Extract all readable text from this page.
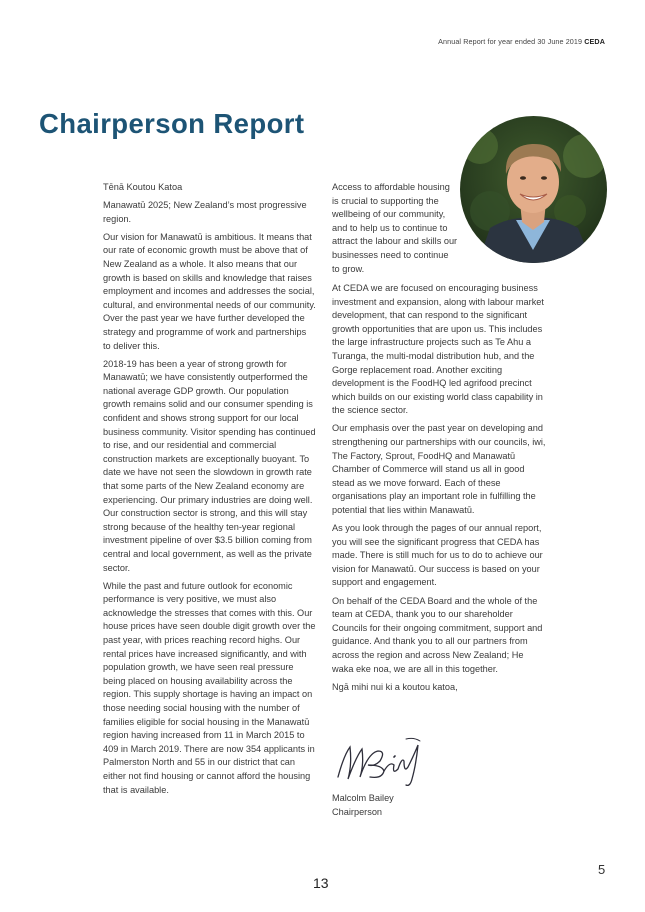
Annual Report for year ended 30 June 2019 CEDA
Chairperson Report

Tēnā Koutou Katoa

Manawatū 2025; New Zealand’s most progressive region.

Our vision for Manawatū is ambitious. It means that our rate of economic growth must be above that of New Zealand as a whole. It also means that our growth is based on skills and knowledge that raises employment and incomes and addresses the social, cultural, and environmental needs of our community. Over the past year we have further developed the strategy and programme of work and partnerships to deliver this.

2018-19 has been a year of strong growth for Manawatū; we have consistently outperformed the national average GDP growth. Our population growth remains solid and our consumer spending is confident and shows strong support for our local business community. Visitor spending has continued to rise, and our residential and commercial construction markets are exceptionally buoyant. To date we have not seen the slowdown in growth rate that some parts of the New Zealand economy are experiencing. Our primary industries are doing well. Our construction sector is strong, and this will stay strong because of the healthy ten-year regional investment pipeline of over $3.5 billion coming from central and local government, as well as the private sector.

While the past and future outlook for economic performance is very positive, we must also acknowledge the stresses that comes with this. Our house prices have seen double digit growth over the past year, with prices reaching record highs. Our rental prices have increased significantly, and with population growth, we have seen real pressure being placed on housing availability across the region. This supply shortage is having an impact on those needing social housing with the number of families eligible for social housing in the Manawatū region having increased from 11 in March 2015 to 409 in March 2019. There are now 354 applicants in Palmerston North and 55 in our district that can either not find housing or cannot afford the housing that is available.

Access to affordable housing is crucial to supporting the wellbeing of our community, and to help us to continue to attract the labour and skills our businesses need to continue to grow.

At CEDA we are focused on encouraging business investment and expansion, along with labour market development, that can respond to the significant growth opportunities that are upon us. This includes the large infrastructure projects such as Te Ahu a Turanga, the multi-modal distribution hub, and the Gorge replacement road. Another exciting development is the FoodHQ led agrifood precinct which builds on our existing world class capability in the science sector.

Our emphasis over the past year on developing and strengthening our partnerships with our councils, iwi, The Factory, Sprout, FoodHQ and Manawatū Chamber of Commerce will stand us all in good stead as we move forward. Each of these organisations play an important role in fulfilling the potential that lies within Manawatū.

As you look through the pages of our annual report, you will see the significant progress that CEDA has made. There is still much for us to do to achieve our vision for Manawatū. Our success is based on your support and engagement.

On behalf of the CEDA Board and the whole of the team at CEDA, thank you to our shareholder Councils for their ongoing commitment, support and guidance. And thank you to all our partners from across the region and across New Zealand; He waka eke noa, we are all in this together.

Ngā mihi nui ki a koutou katoa,

Malcolm Bailey
Chairperson
5
13
